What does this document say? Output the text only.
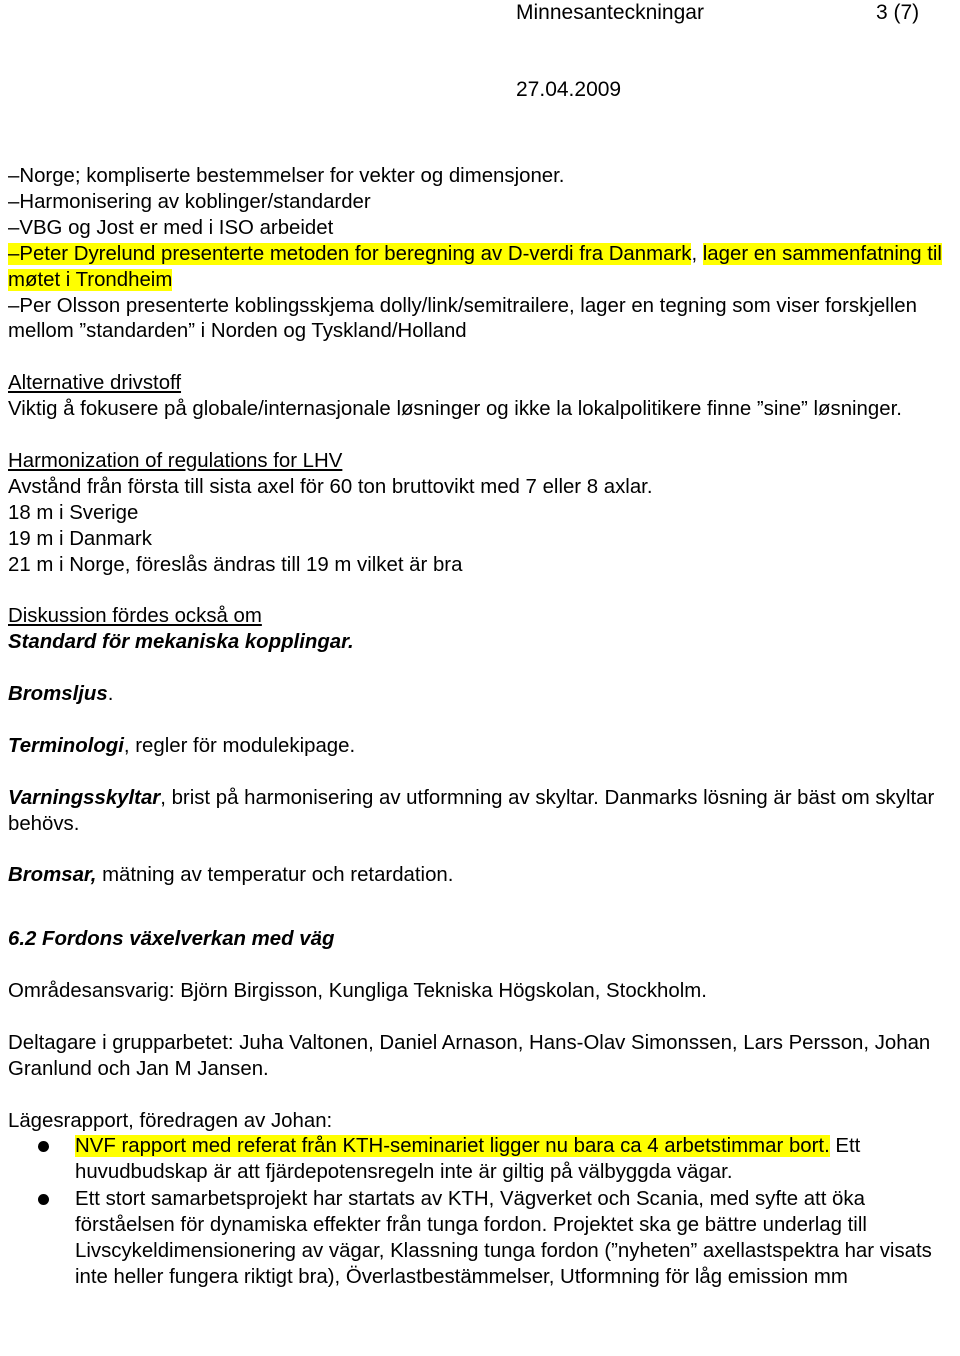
Minnesanteckningar	3 (7)
27.04.2009

–Norge; kompliserte bestemmelser for vekter og dimensjoner.

–Harmonisering av koblinger/standarder

–VBG og Jost er med i ISO arbeidet

–Peter Dyrelund presenterte metoden for beregning av D-verdi fra Danmark, lager en sammenfatning til møtet i Trondheim

–Per Olsson presenterte koblingsskjema dolly/link/semitrailere, lager en tegning som viser forskjellen mellom ”standarden” i Norden og Tyskland/Holland

Alternative drivstoff

Viktig å fokusere på globale/internasjonale løsninger og ikke la lokalpolitikere finne ”sine” løsninger.

Harmonization of regulations for LHV

Avstånd från första till sista axel för 60 ton bruttovikt med 7 eller 8 axlar.

18 m i Sverige

19 m i Danmark

21 m i Norge, föreslås ändras till 19 m vilket är bra

Diskussion fördes också om

Standard för mekaniska kopplingar.

Bromsljus.

Terminologi, regler för modulekipage.

Varningsskyltar, brist på harmonisering av utformning av skyltar. Danmarks lösning är bäst om skyltar behövs.

Bromsar, mätning av temperatur och retardation.

6.2 Fordons växelverkan med väg

Områdesansvarig: Björn Birgisson, Kungliga Tekniska Högskolan, Stockholm.

Deltagare i grupparbetet: Juha Valtonen, Daniel Arnason, Hans-Olav Simonssen, Lars Persson, Johan Granlund och Jan M Jansen.

Lägesrapport, föredragen av Johan:

NVF rapport med referat från KTH-seminariet ligger nu bara ca 4 arbetstimmar bort. Ett huvudbudskap är att fjärdepotensregeln inte är giltig på välbyggda vägar.
Ett stort samarbetsprojekt har startats av KTH, Vägverket och Scania, med syfte att öka förståelsen för dynamiska effekter från tunga fordon. Projektet ska ge bättre underlag till Livscykeldimensionering av vägar, Klassning tunga fordon (”nyheten” axellastspektra har visats inte heller fungera riktigt bra), Överlastbestämmelser, Utformning för låg emission mm
